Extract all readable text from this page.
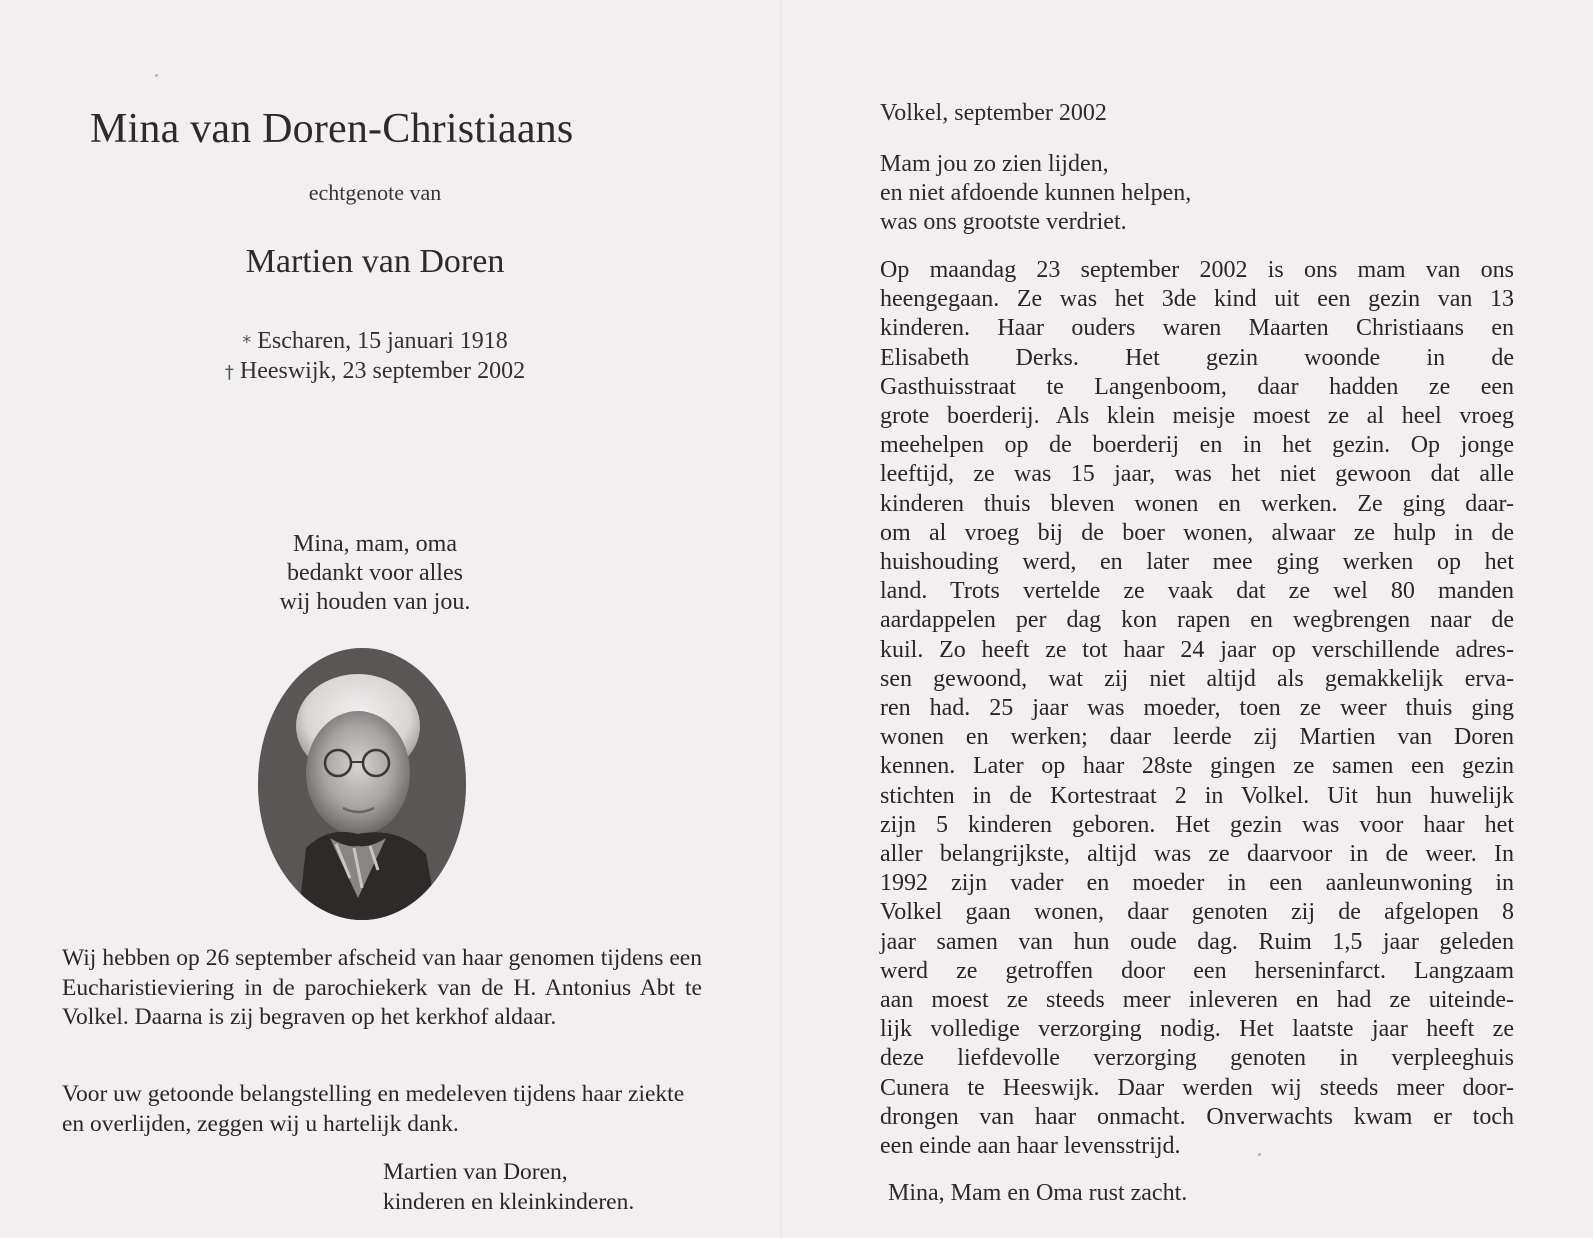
Mina van Doren-Christiaans
echtgenote van
Martien van Doren
* Escharen, 15 januari 1918
† Heeswijk, 23 september 2002
Mina, mam, oma
bedankt voor alles
wij houden van jou.
Wij hebben op 26 september afscheid van haar genomen tijdens een Eucharistieviering in de parochiekerk van de H. Antonius Abt te Volkel. Daarna is zij begraven op het kerkhof aldaar.
Voor uw getoonde belangstelling en medeleven tijdens haar ziekte en overlijden, zeggen wij u hartelijk dank.
Martien van Doren,
kinderen en kleinkinderen.
Volkel, september 2002
Mam jou zo zien lijden,
en niet afdoende kunnen helpen,
was ons grootste verdriet.
Op maandag 23 september 2002 is ons mam van ons
heengegaan. Ze was het 3de kind uit een gezin van 13
kinderen. Haar ouders waren Maarten Christiaans en
Elisabeth Derks. Het gezin woonde in de
Gasthuisstraat te Langenboom, daar hadden ze een
grote boerderij. Als klein meisje moest ze al heel vroeg
meehelpen op de boerderij en in het gezin. Op jonge
leeftijd, ze was 15 jaar, was het niet gewoon dat alle
kinderen thuis bleven wonen en werken. Ze ging daar-
om al vroeg bij de boer wonen, alwaar ze hulp in de
huishouding werd, en later mee ging werken op het
land. Trots vertelde ze vaak dat ze wel 80 manden
aardappelen per dag kon rapen en wegbrengen naar de
kuil. Zo heeft ze tot haar 24 jaar op verschillende adres-
sen gewoond, wat zij niet altijd als gemakkelijk erva-
ren had. 25 jaar was moeder, toen ze weer thuis ging
wonen en werken; daar leerde zij Martien van Doren
kennen. Later op haar 28ste gingen ze samen een gezin
stichten in de Kortestraat 2 in Volkel. Uit hun huwelijk
zijn 5 kinderen geboren. Het gezin was voor haar het
aller belangrijkste, altijd was ze daarvoor in de weer. In
1992 zijn vader en moeder in een aanleunwoning in
Volkel gaan wonen, daar genoten zij de afgelopen 8
jaar samen van hun oude dag. Ruim 1,5 jaar geleden
werd ze getroffen door een herseninfarct. Langzaam
aan moest ze steeds meer inleveren en had ze uiteinde-
lijk volledige verzorging nodig. Het laatste jaar heeft ze
deze liefdevolle verzorging genoten in verpleeghuis
Cunera te Heeswijk. Daar werden wij steeds meer door-
drongen van haar onmacht. Onverwachts kwam er toch
een einde aan haar levensstrijd.
Mina, Mam en Oma rust zacht.
